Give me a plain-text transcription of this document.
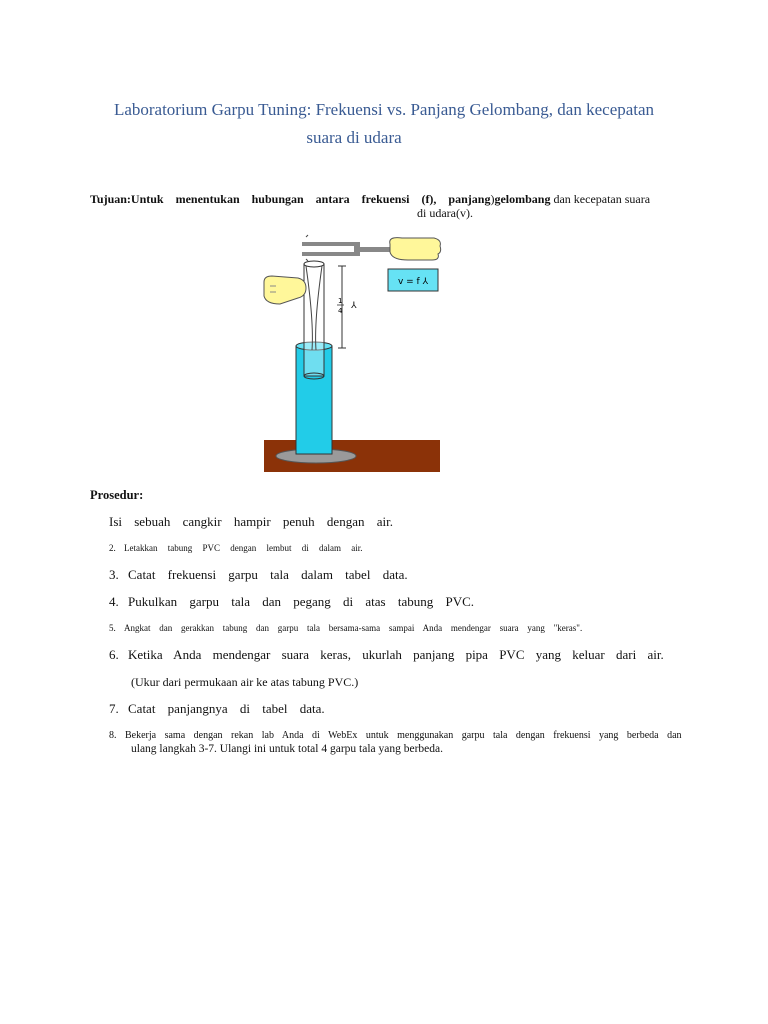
Laboratorium Garpu Tuning: Frekuensi vs. Panjang Gelombang, dan kecepatan
suara di udara
Tujuan: Untuk menentukan hubungan antara frekuensi (f), panjang )gelombang dan kecepatan suara
di udara(v).
1
4 ⅄
v = f ⅄
Prosedur:
Isi sebuah cangkir hampir penuh dengan air.
2. Letakkan tabung PVC dengan lembut di dalam air.
3. Catat frekuensi garpu tala dalam tabel data.
4. Pukulkan garpu tala dan pegang di atas tabung PVC.
5. Angkat dan gerakkan tabung dan garpu tala bersama-sama sampai Anda mendengar suara yang "keras".
6. Ketika Anda mendengar suara keras, ukurlah panjang pipa PVC yang keluar dari air.
(Ukur dari permukaan air ke atas tabung PVC.)
7. Catat panjangnya di tabel data.
8. Bekerja sama dengan rekan lab Anda di WebEx untuk menggunakan garpu tala dengan frekuensi yang berbeda dan
ulang langkah 3-7. Ulangi ini untuk total 4 garpu tala yang berbeda.
